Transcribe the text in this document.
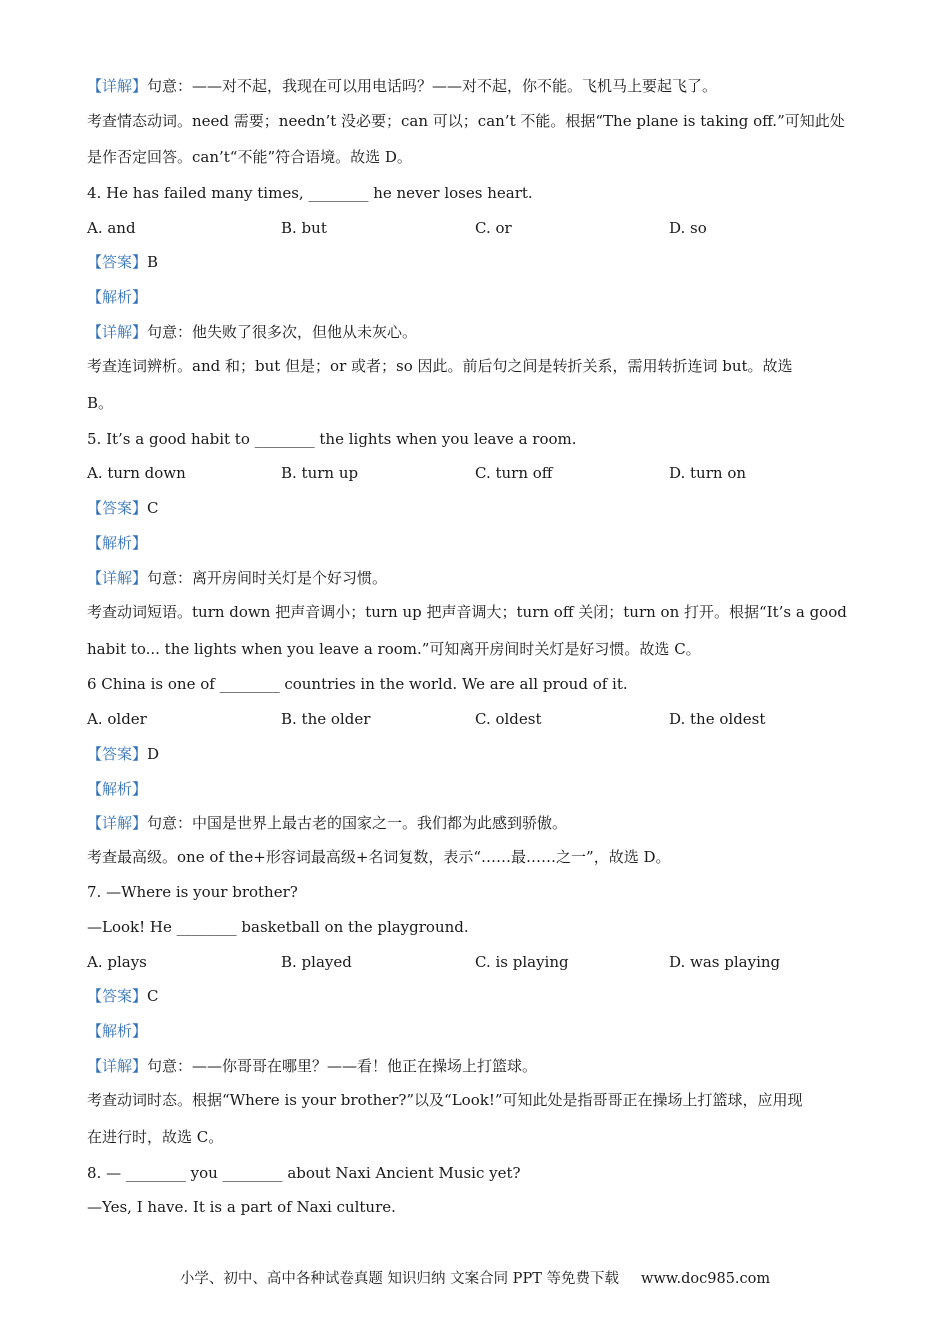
【详解】句意：——对不起，我现在可以用电话吗？——对不起，你不能。飞机马上要起飞了。
考查情态动词。need 需要；needn’t 没必要；can 可以；can’t 不能。根据“The plane is taking off.”可知此处
是作否定回答。can’t“不能”符合语境。故选 D。
4. He has failed many times, ________ he never loses heart.
A. and	B. but	C. or	D. so
【答案】B
【解析】
【详解】句意：他失败了很多次，但他从未灰心。
考查连词辨析。and 和；but 但是；or 或者；so 因此。前后句之间是转折关系，需用转折连词 but。故选
B。
5. It’s a good habit to ________ the lights when you leave a room.
A. turn down	B. turn up	C. turn off	D. turn on
【答案】C
【解析】
【详解】句意：离开房间时关灯是个好习惯。
考查动词短语。turn down 把声音调小；turn up 把声音调大；turn off 关闭；turn on 打开。根据“It’s a good
habit to... the lights when you leave a room.”可知离开房间时关灯是好习惯。故选 C。
6 China is one of ________ countries in the world. We are all proud of it.
A. older	B. the older	C. oldest	D. the oldest
【答案】D
【解析】
【详解】句意：中国是世界上最古老的国家之一。我们都为此感到骄傲。
考查最高级。one of the+形容词最高级+名词复数，表示“……最……之一”，故选 D。
7. —Where is your brother?
—Look! He ________ basketball on the playground.
A. plays	B. played	C. is playing	D. was playing
【答案】C
【解析】
【详解】句意：——你哥哥在哪里？——看！他正在操场上打篮球。
考查动词时态。根据“Where is your brother?”以及“Look!”可知此处是指哥哥正在操场上打篮球，应用现
在进行时，故选 C。
8. — ________ you ________ about Naxi Ancient Music yet?
—Yes, I have. It is a part of Naxi culture.
小学、初中、高中各种试卷真题 知识归纳 文案合同 PPT 等免费下载 www.doc985.com
